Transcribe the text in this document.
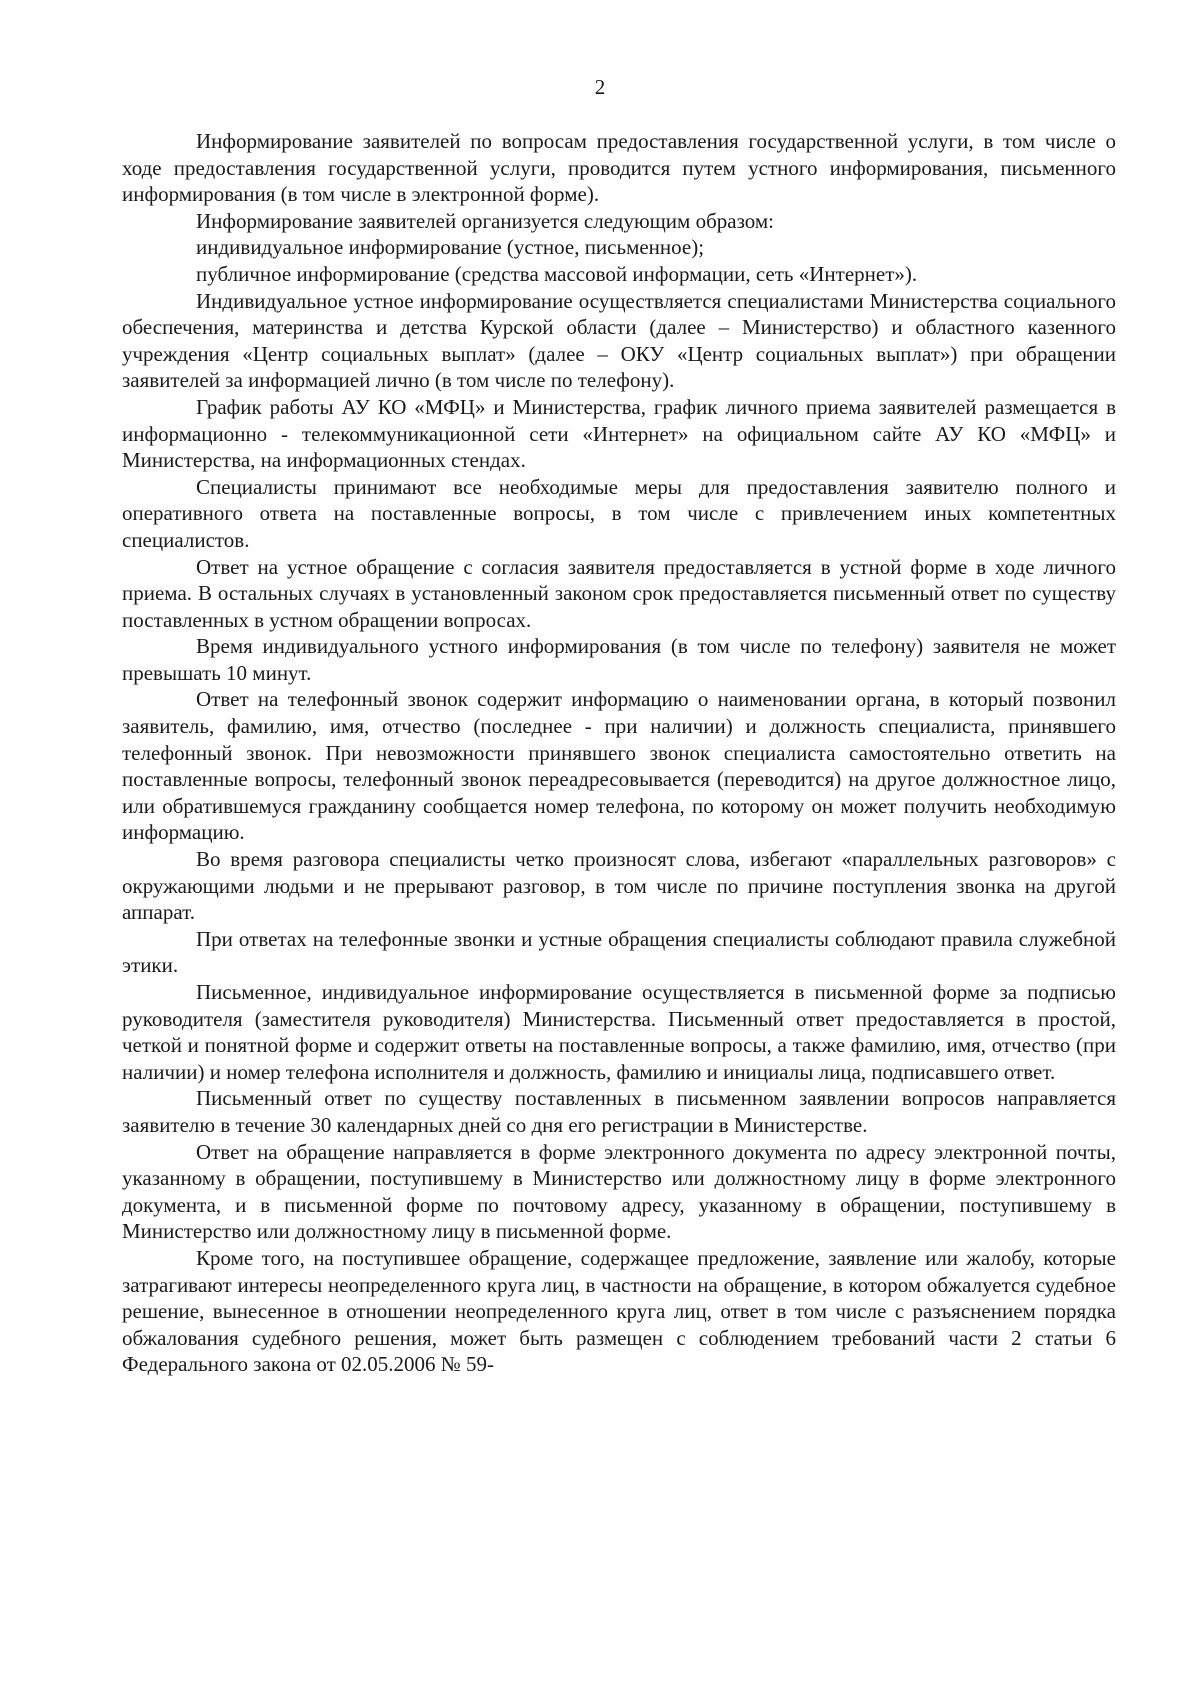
2

Информирование заявителей по вопросам предоставления государственной услуги, в том числе о ходе предоставления государственной услуги, проводится путем устного информирования, письменного информирования (в том числе в электронной форме).

Информирование заявителей организуется следующим образом:

индивидуальное информирование (устное, письменное);

публичное информирование (средства массовой информации, сеть «Интернет»).

Индивидуальное устное информирование осуществляется специалистами Министерства социального обеспечения, материнства и детства Курской области (далее – Министерство) и областного казенного учреждения «Центр социальных выплат» (далее – ОКУ «Центр социальных выплат») при обращении заявителей за информацией лично (в том числе по телефону).

График работы АУ КО «МФЦ» и Министерства, график личного приема заявителей размещается в информационно - телекоммуникационной сети «Интернет» на официальном сайте АУ КО «МФЦ» и Министерства, на информационных стендах.

Специалисты принимают все необходимые меры для предоставления заявителю полного и оперативного ответа на поставленные вопросы, в том числе с привлечением иных компетентных специалистов.

Ответ на устное обращение с согласия заявителя предоставляется в устной форме в ходе личного приема. В остальных случаях в установленный законом срок предоставляется письменный ответ по существу поставленных в устном обращении вопросах.

Время индивидуального устного информирования (в том числе по телефону) заявителя не может превышать 10 минут.

Ответ на телефонный звонок содержит информацию о наименовании органа, в который позвонил заявитель, фамилию, имя, отчество (последнее - при наличии) и должность специалиста, принявшего телефонный звонок. При невозможности принявшего звонок специалиста самостоятельно ответить на поставленные вопросы, телефонный звонок переадресовывается (переводится) на другое должностное лицо, или обратившемуся гражданину сообщается номер телефона, по которому он может получить необходимую информацию.

Во время разговора специалисты четко произносят слова, избегают «параллельных разговоров» с окружающими людьми и не прерывают разговор, в том числе по причине поступления звонка на другой аппарат.

При ответах на телефонные звонки и устные обращения специалисты соблюдают правила служебной этики.

Письменное, индивидуальное информирование осуществляется в письменной форме за подписью руководителя (заместителя руководителя) Министерства. Письменный ответ предоставляется в простой, четкой и понятной форме и содержит ответы на поставленные вопросы, а также фамилию, имя, отчество (при наличии) и номер телефона исполнителя и должность, фамилию и инициалы лица, подписавшего ответ.

Письменный ответ по существу поставленных в письменном заявлении вопросов направляется заявителю в течение 30 календарных дней со дня его регистрации в Министерстве.

Ответ на обращение направляется в форме электронного документа по адресу электронной почты, указанному в обращении, поступившему в Министерство или должностному лицу в форме электронного документа, и в письменной форме по почтовому адресу, указанному в обращении, поступившему в Министерство или должностному лицу в письменной форме.

Кроме того, на поступившее обращение, содержащее предложение, заявление или жалобу, которые затрагивают интересы неопределенного круга лиц, в частности на обращение, в котором обжалуется судебное решение, вынесенное в отношении неопределенного круга лиц, ответ в том числе с разъяснением порядка обжалования судебного решения, может быть размещен с соблюдением требований части 2 статьи 6 Федерального закона от 02.05.2006 № 59-
